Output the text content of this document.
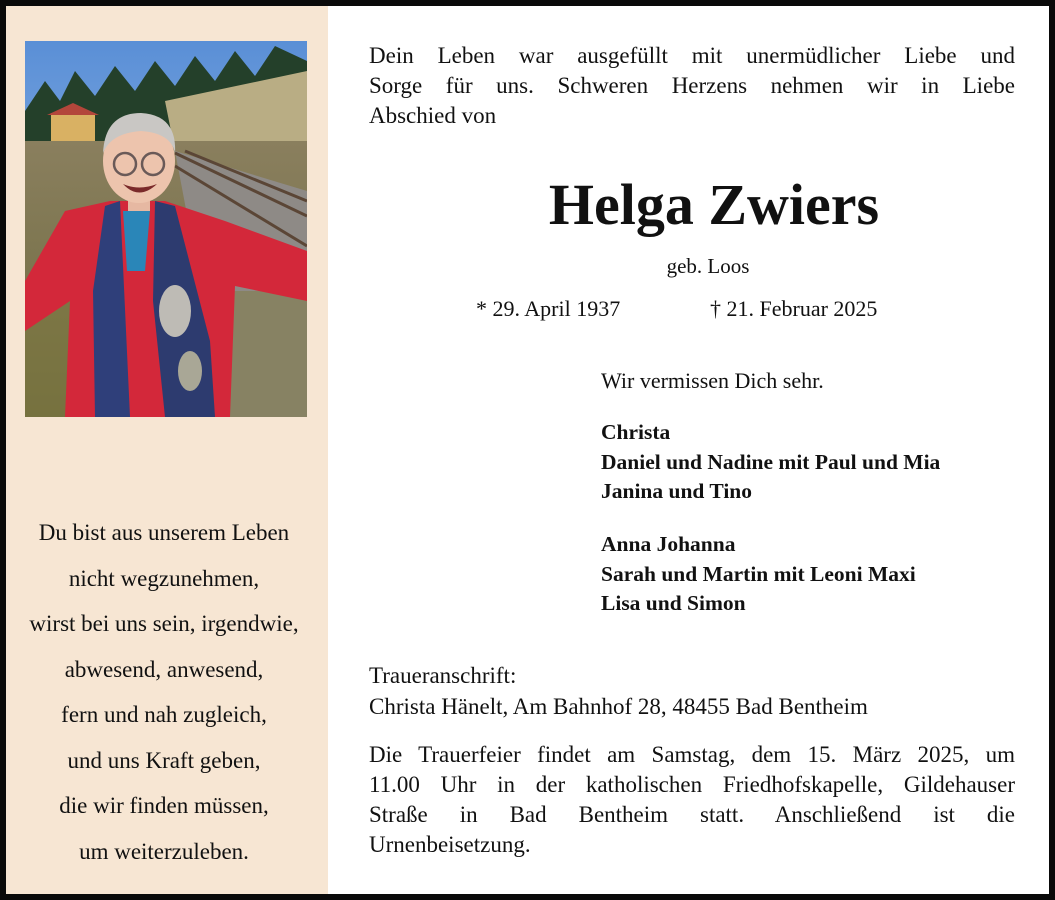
Du bist aus unserem Leben
nicht wegzunehmen,
wirst bei uns sein, irgendwie,
abwesend, anwesend,
fern und nah zugleich,
und uns Kraft geben,
die wir finden müssen,
um weiterzuleben.
Dein Leben war ausgefüllt mit unermüdlicher Liebe und
Sorge für uns. Schweren Herzens nehmen wir in Liebe
Abschied von
Helga Zwiers
geb. Loos
* 29. April 1937	† 21. Februar 2025
Wir vermissen Dich sehr.
Christa
Daniel und Nadine mit Paul und Mia
Janina und Tino
Anna Johanna
Sarah und Martin mit Leoni Maxi
Lisa und Simon
Traueranschrift:
Christa Hänelt, Am Bahnhof 28, 48455 Bad Bentheim
Die Trauerfeier findet am Samstag, dem 15. März 2025, um
11.00 Uhr in der katholischen Friedhofskapelle, Gildehauser
Straße in Bad Bentheim statt. Anschließend ist die
Urnenbeisetzung.
